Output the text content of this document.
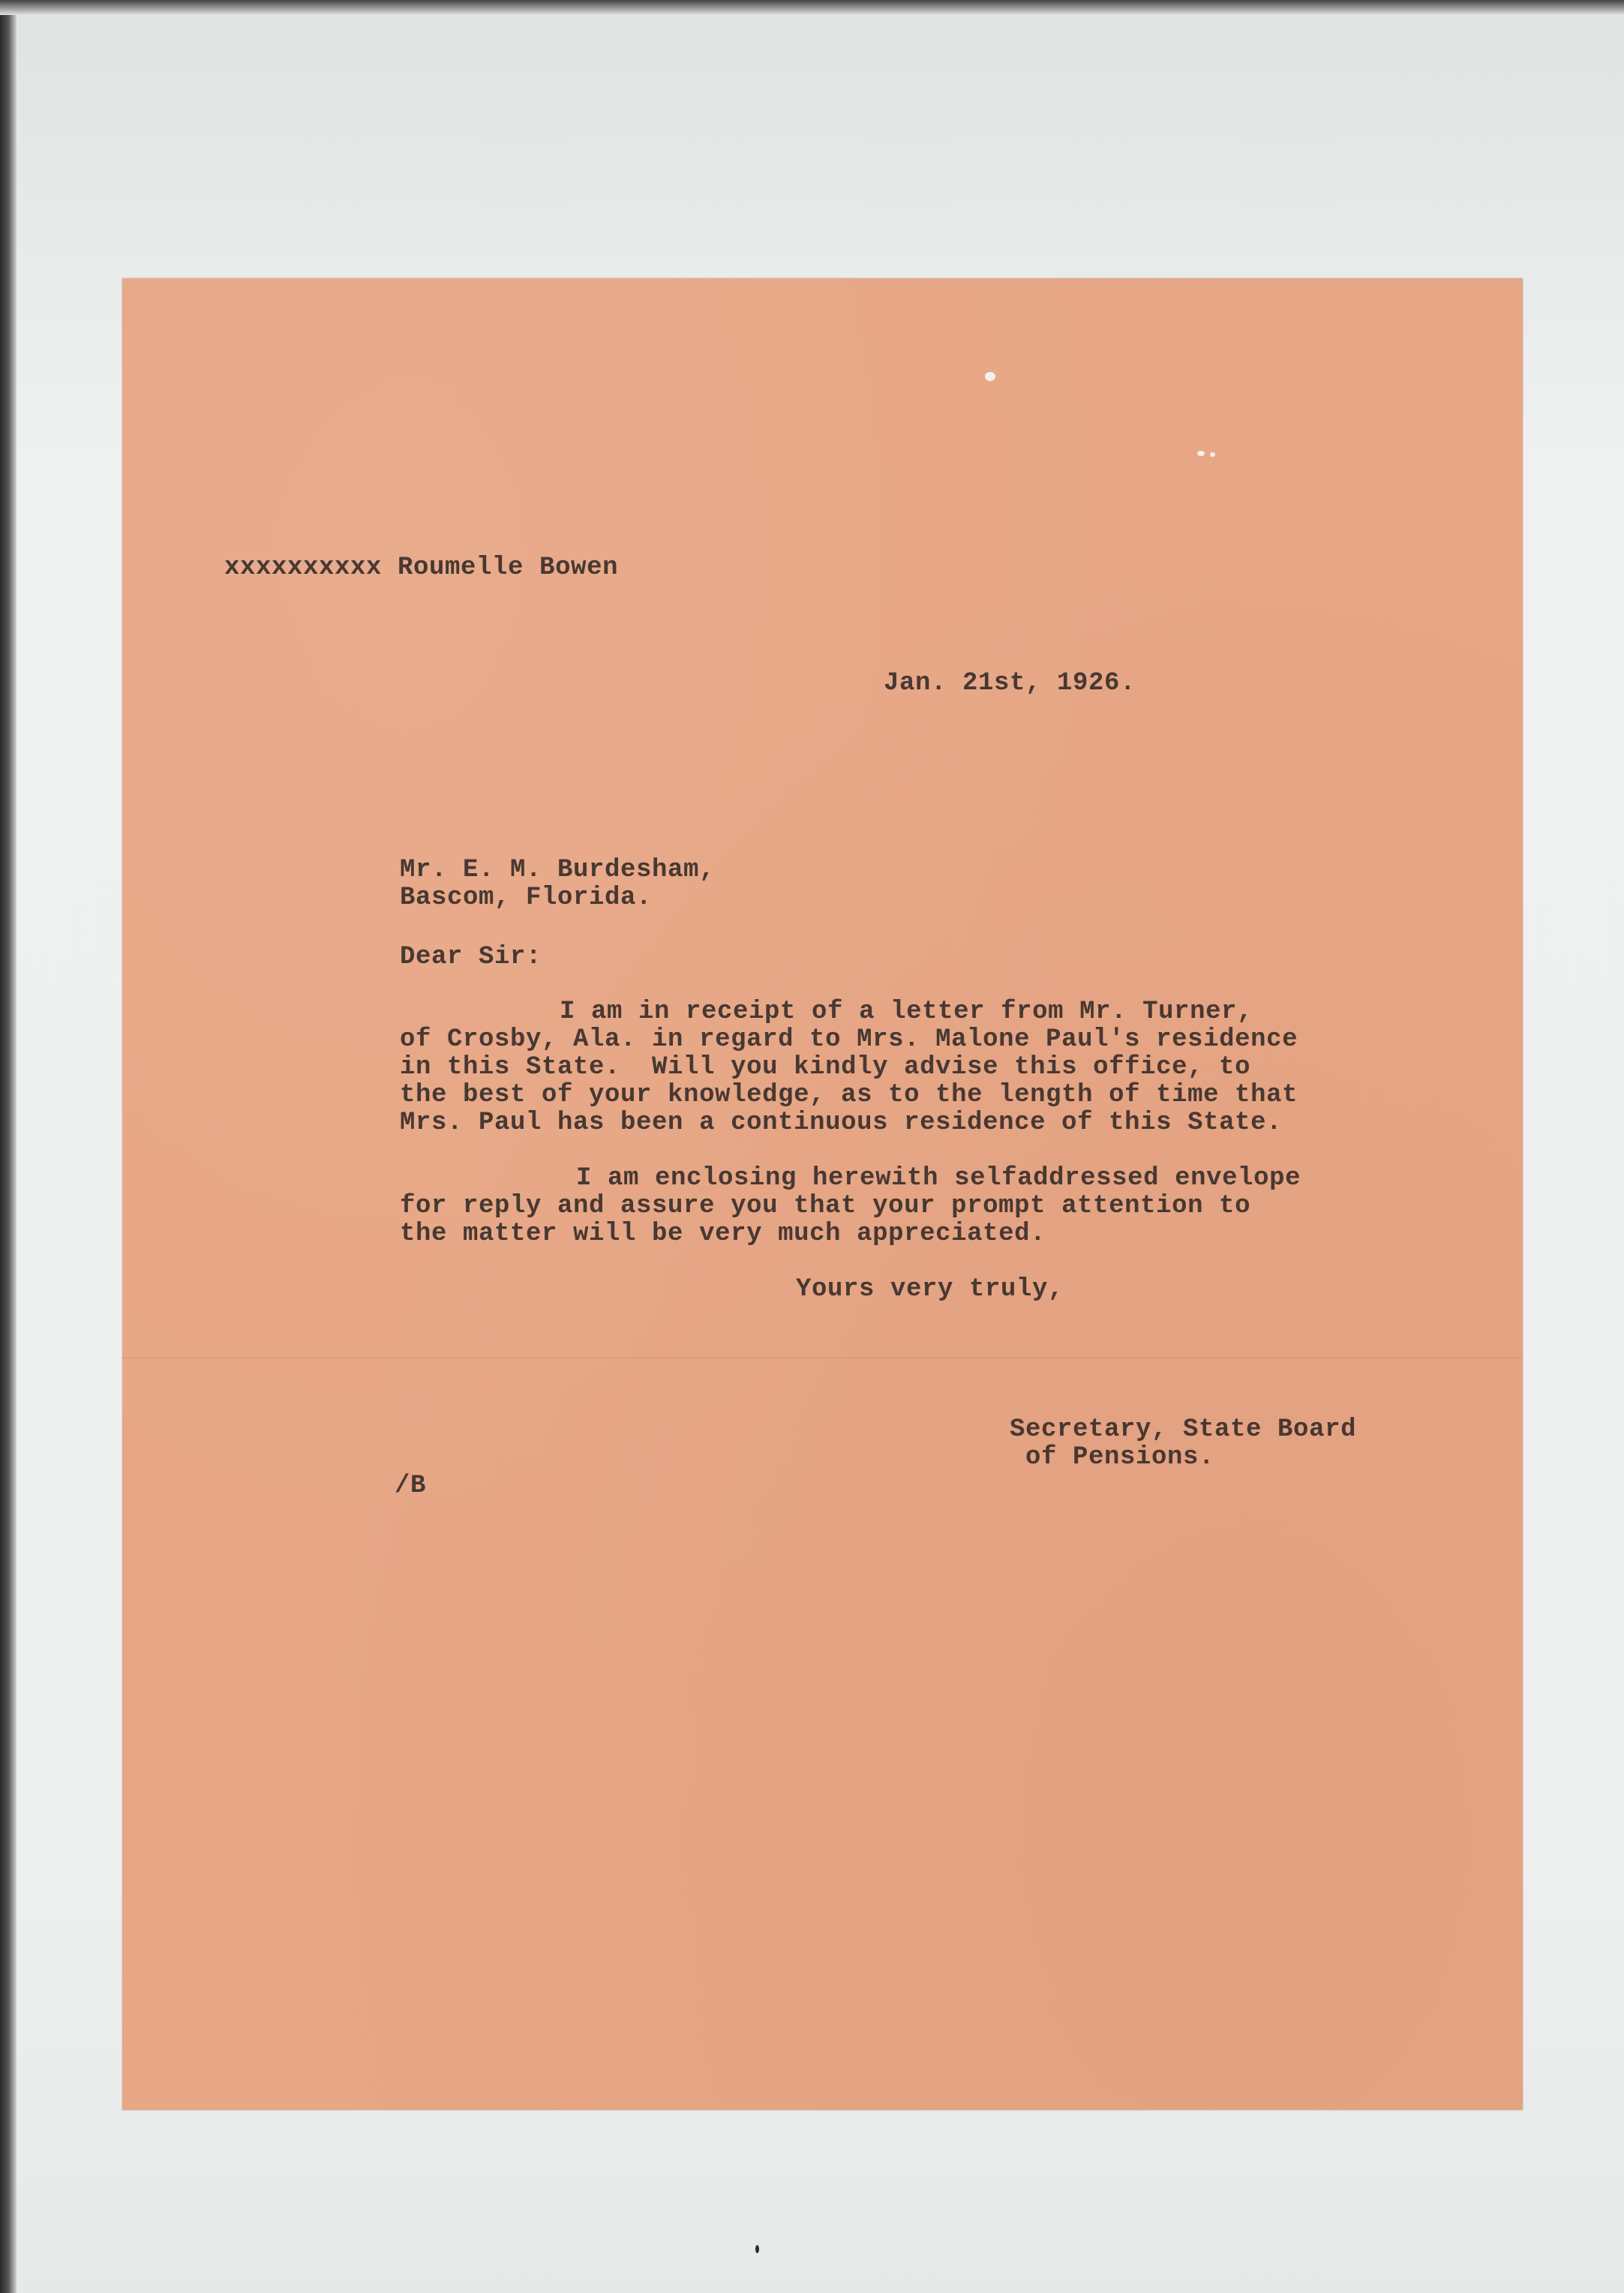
xxxxxxxxxx Roumelle Bowen

Jan. 21st, 1926.

Mr. E. M. Burdesham,

Bascom, Florida.

Dear Sir:

I am in receipt of a letter from Mr. Turner,

of Crosby, Ala. in regard to Mrs. Malone Paul's residence

in this State.  Will you kindly advise this office, to

the best of your knowledge, as to the length of time that

Mrs. Paul has been a continuous residence of this State.

I am enclosing herewith selfaddressed envelope

for reply and assure you that your prompt attention to

the matter will be very much appreciated.

Yours very truly,

Secretary, State Board

of Pensions.

/B
